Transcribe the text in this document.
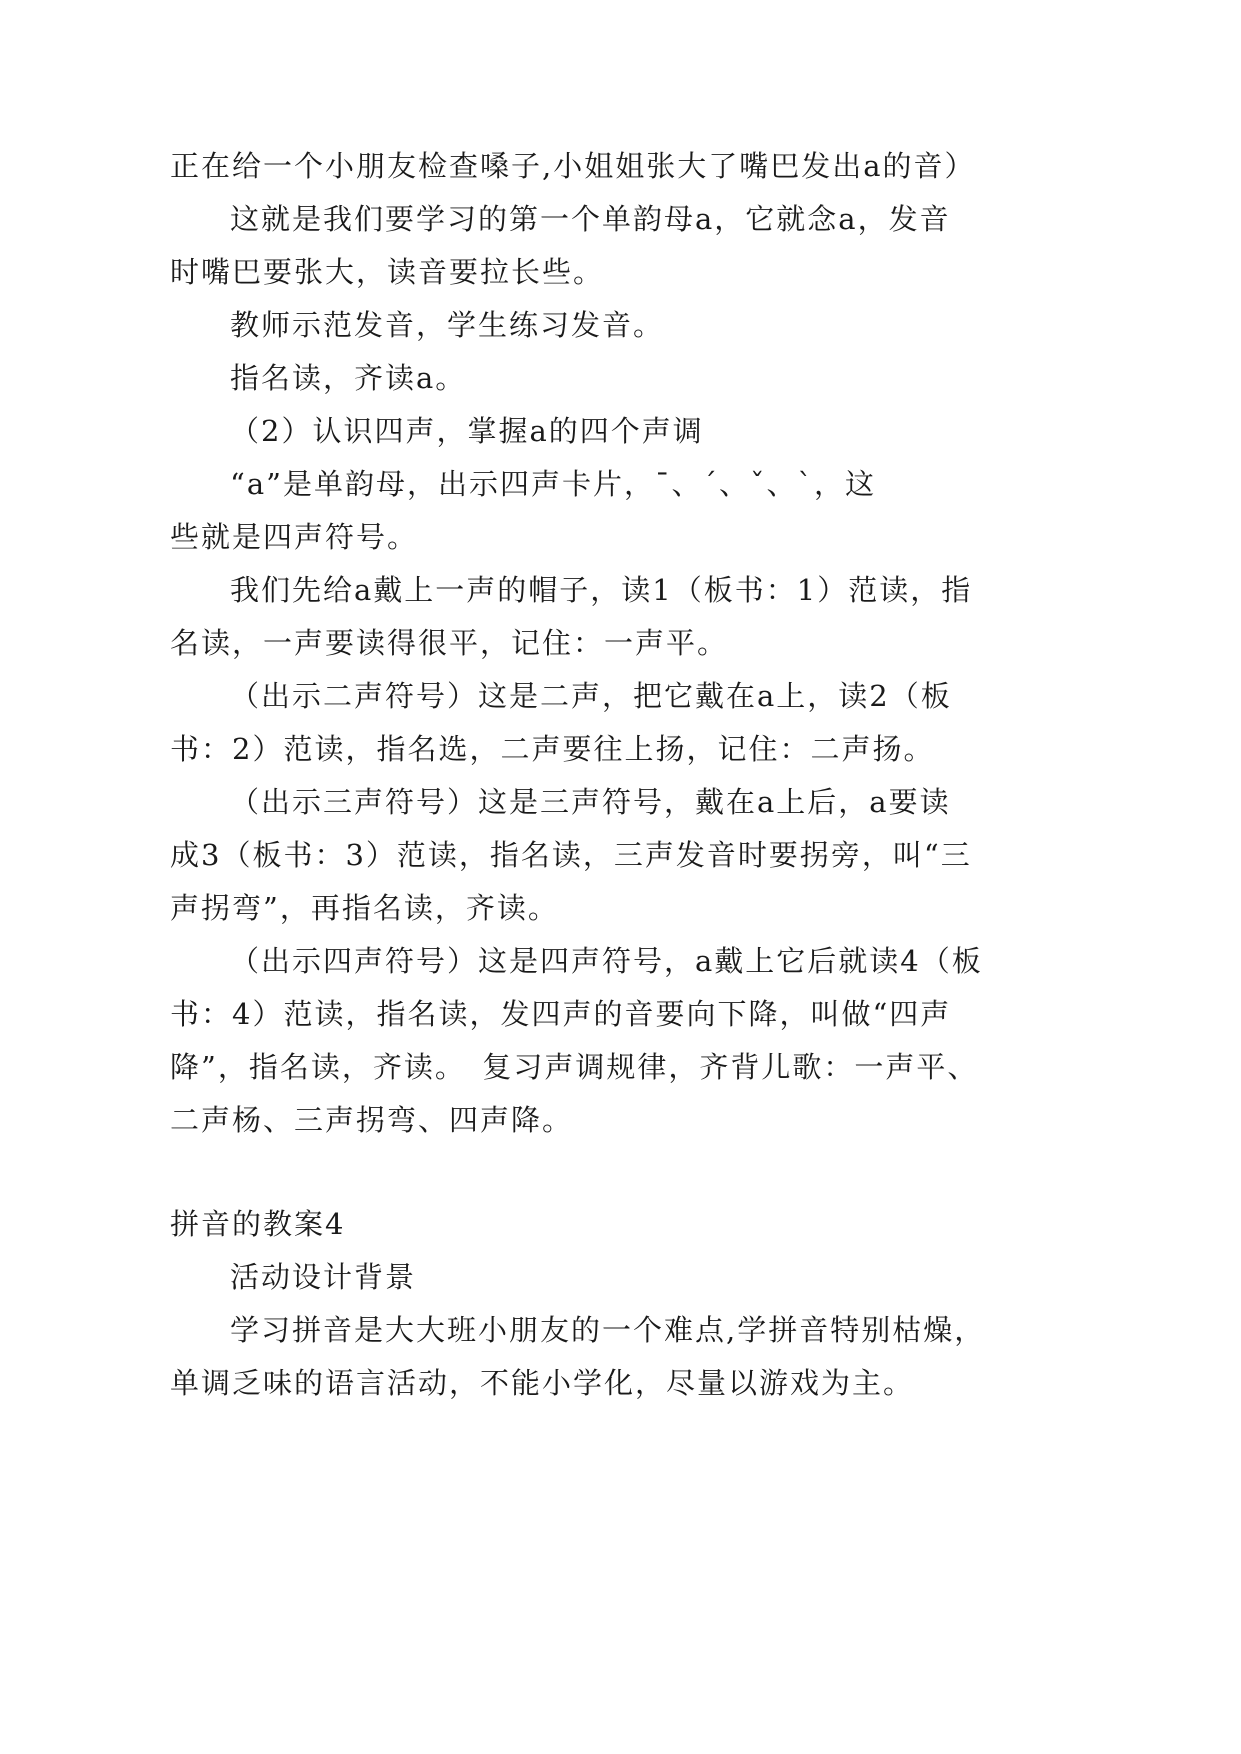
正在给一个小朋友检查嗓子,小姐姐张大了嘴巴发出a的音）
这就是我们要学习的第一个单韵母a，它就念a，发音
时嘴巴要张大，读音要拉长些。
教师示范发音，学生练习发音。
指名读，齐读a。
（2）认识四声，掌握a的四个声调
“a”是单韵母，出示四声卡片，ˉ、ˊ、ˇ、ˋ，这
些就是四声符号。
我们先给a戴上一声的帽子，读1（板书：1）范读，指
名读，一声要读得很平，记住：一声平。
（出示二声符号）这是二声，把它戴在a上，读2（板
书：2）范读，指名选，二声要往上扬，记住：二声扬。
（出示三声符号）这是三声符号，戴在a上后，a要读
成3（板书：3）范读，指名读，三声发音时要拐旁，叫“三
声拐弯”，再指名读，齐读。
（出示四声符号）这是四声符号，a戴上它后就读4（板
书：4）范读，指名读，发四声的音要向下降，叫做“四声
降”，指名读，齐读。　复习声调规律，齐背儿歌：一声平、
二声杨、三声拐弯、四声降。
拼音的教案4
活动设计背景
学习拼音是大大班小朋友的一个难点,学拼音特别枯燥，
单调乏味的语言活动，不能小学化，尽量以游戏为主。
